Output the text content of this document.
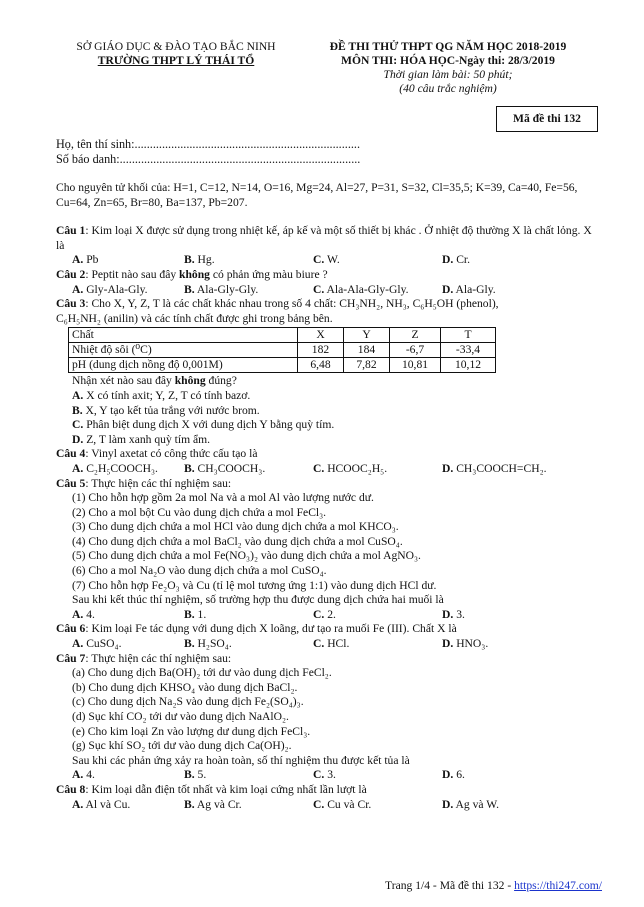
SỞ GIÁO DỤC & ĐÀO TẠO BẮC NINH
TRƯỜNG THPT LÝ THÁI TỔ
ĐỀ THI THỬ THPT QG NĂM HỌC 2018-2019
MÔN THI: HÓA HỌC-Ngày thi: 28/3/2019
Thời gian làm bài: 50 phút;
(40 câu trắc nghiệm)
Mã đề thi 132
Họ, tên thí sinh:..........................................................................
Số báo danh:...............................................................................

Cho nguyên tử khối của: H=1, C=12, N=14, O=16, Mg=24, Al=27, P=31, S=32, Cl=35,5; K=39, Ca=40, Fe=56, Cu=64, Zn=65, Br=80, Ba=137, Pb=207.

Câu 1: Kim loại X được sử dụng trong nhiệt kế, áp kế và một số thiết bị khác . Ở nhiệt độ thường X là chất lỏng. X là

A. Pb	B. Hg.	C. W.	D. Cr.

Câu 2: Peptit nào sau đây không có phản ứng màu biure ?

A. Gly-Ala-Gly.	B. Ala-Gly-Gly.	C. Ala-Ala-Gly-Gly.	D. Ala-Gly.

Câu 3: Cho X, Y, Z, T là các chất khác nhau trong số 4 chất: CH₃NH₂, NH₃, C₆H₅OH (phenol),

C₆H₅NH₂ (anilin) và các tính chất được ghi trong bảng bên.

Chất	X	Y	Z	T
Nhiệt độ sôi (⁰C)	182	184	-6,7	-33,4
pH (dung dịch nồng độ 0,001M)	6,48	7,82	10,81	10,12

Nhận xét nào sau đây không đúng?

A. X có tính axit; Y, Z, T có tính bazơ.

B. X, Y tạo kết tủa trắng với nước brom.

C. Phân biệt dung dịch X với dung dịch Y bằng quỳ tím.

D. Z, T làm xanh quỳ tím ẩm.

Câu 4: Vinyl axetat có công thức cấu tạo là

A. C₂H₅COOCH₃.	B. CH₃COOCH₃.	C. HCOOC₂H₅.	D. CH₃COOCH=CH₂.

Câu 5: Thực hiện các thí nghiệm sau:

(1) Cho hỗn hợp gồm 2a mol Na và a mol Al vào lượng nước dư.

(2) Cho a mol bột Cu vào dung dịch chứa a mol FeCl₃.

(3) Cho dung dịch chứa a mol HCl vào dung dịch chứa a mol KHCO₃.

(4) Cho dung dịch chứa a mol BaCl₂ vào dung dịch chứa a mol CuSO₄.

(5) Cho dung dịch chứa a mol Fe(NO₃)₂ vào dung dịch chứa a mol AgNO₃.

(6) Cho a mol Na₂O vào dung dịch chứa a mol CuSO₄.

(7) Cho hỗn hợp Fe₂O₃ và Cu (tỉ lệ mol tương ứng 1:1) vào dung dịch HCl dư.

Sau khi kết thúc thí nghiệm, số trường hợp thu được dung dịch chứa hai muối là

A. 4.	B. 1.	C. 2.	D. 3.

Câu 6: Kim loại Fe tác dụng với dung dịch X loãng, dư tạo ra muối Fe (III). Chất X là

A. CuSO₄.	B. H₂SO₄.	C. HCl.	D. HNO₃.

Câu 7: Thực hiện các thí nghiệm sau:

(a) Cho dung dịch Ba(OH)₂ tới dư vào dung dịch FeCl₂.

(b) Cho dung dịch KHSO₄ vào dung dịch BaCl₂.

(c) Cho dung dịch Na₂S vào dung dịch Fe₂(SO₄)₃.

(d) Sục khí CO₂ tới dư vào dung dịch NaAlO₂.

(e) Cho kim loại Zn vào lượng dư dung dịch FeCl₃.

(g) Sục khí SO₂ tới dư vào dung dịch Ca(OH)₂.

Sau khi các phản ứng xảy ra hoàn toàn, số thí nghiệm thu được kết tủa là

A. 4.	B. 5.	C. 3.	D. 6.

Câu 8: Kim loại dẫn điện tốt nhất và kim loại cứng nhất lần lượt là

A. Al và Cu.	B. Ag và Cr.	C. Cu và Cr.	D. Ag và W.
Trang 1/4 - Mã đề thi 132 - https://thi247.com/
